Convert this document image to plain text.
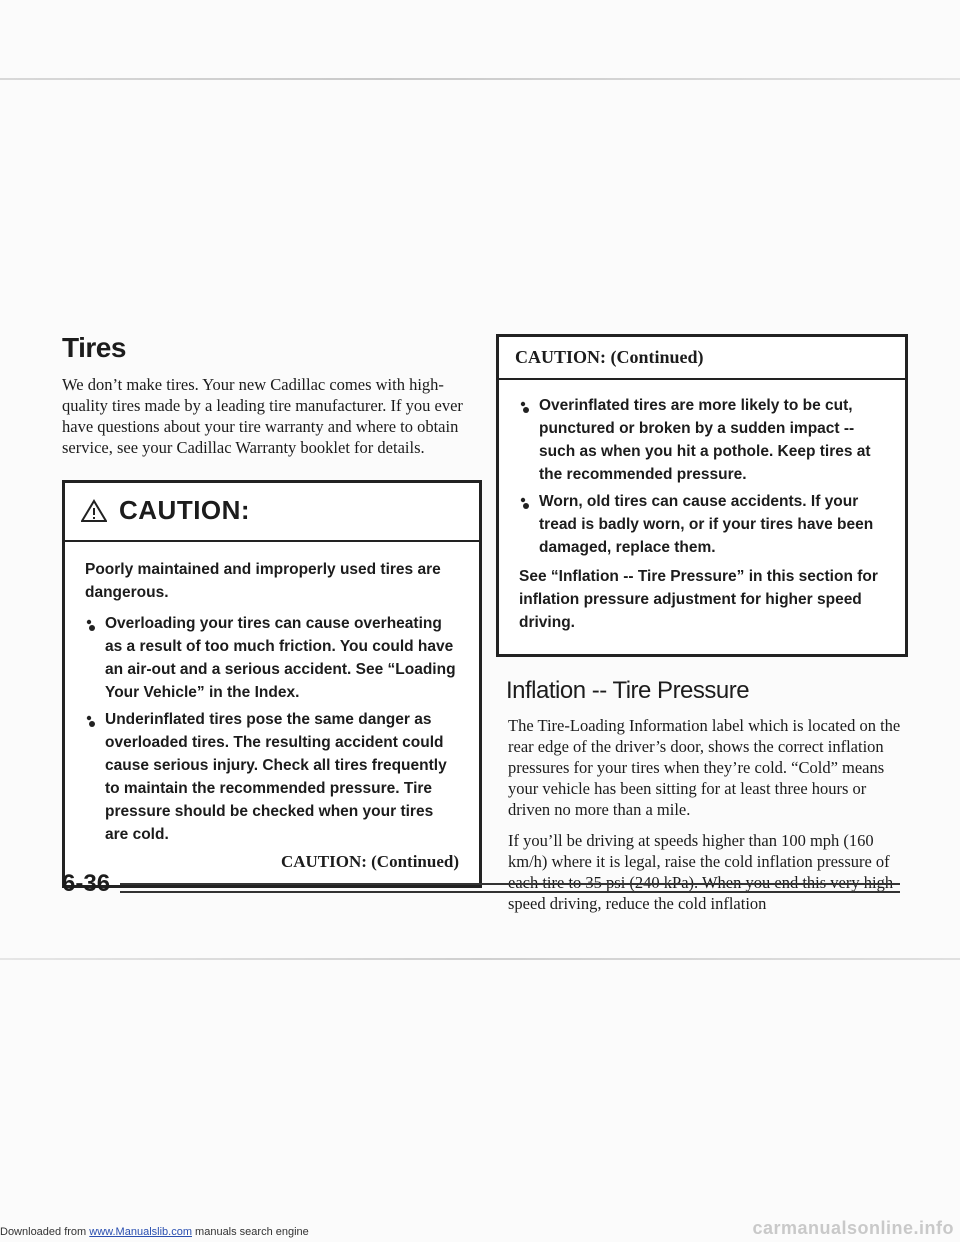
Tires

We don’t make tires. Your new Cadillac comes with high-quality tires made by a leading tire manufacturer. If you ever have questions about your tire warranty and where to obtain service, see your Cadillac Warranty booklet for details.

CAUTION:

Poorly maintained and improperly used tires are dangerous.

Overloading your tires can cause overheating as a result of too much friction. You could have an air-out and a serious accident. See “Loading Your Vehicle” in the Index.
Underinflated tires pose the same danger as overloaded tires. The resulting accident could cause serious injury. Check all tires frequently to maintain the recommended pressure. Tire pressure should be checked when your tires are cold.
CAUTION: (Continued)
CAUTION: (Continued)
Overinflated tires are more likely to be cut, punctured or broken by a sudden impact -- such as when you hit a pothole. Keep tires at the recommended pressure.
Worn, old tires can cause accidents. If your tread is badly worn, or if your tires have been damaged, replace them.

See “Inflation -- Tire Pressure” in this section for inflation pressure adjustment for higher speed driving.

Inflation -- Tire Pressure

The Tire-Loading Information label which is located on the rear edge of the driver’s door, shows the correct inflation pressures for your tires when they’re cold. “Cold” means your vehicle has been sitting for at least three hours or driven no more than a mile.

If you’ll be driving at speeds higher than 100 mph (160 km/h) where it is legal, raise the cold inflation pressure of each tire to 35 psi (240 kPa). When you end this very high-speed driving, reduce the cold inflation

6-36
Downloaded from www.Manualslib.com manuals search engine	carmanualsonline.info
